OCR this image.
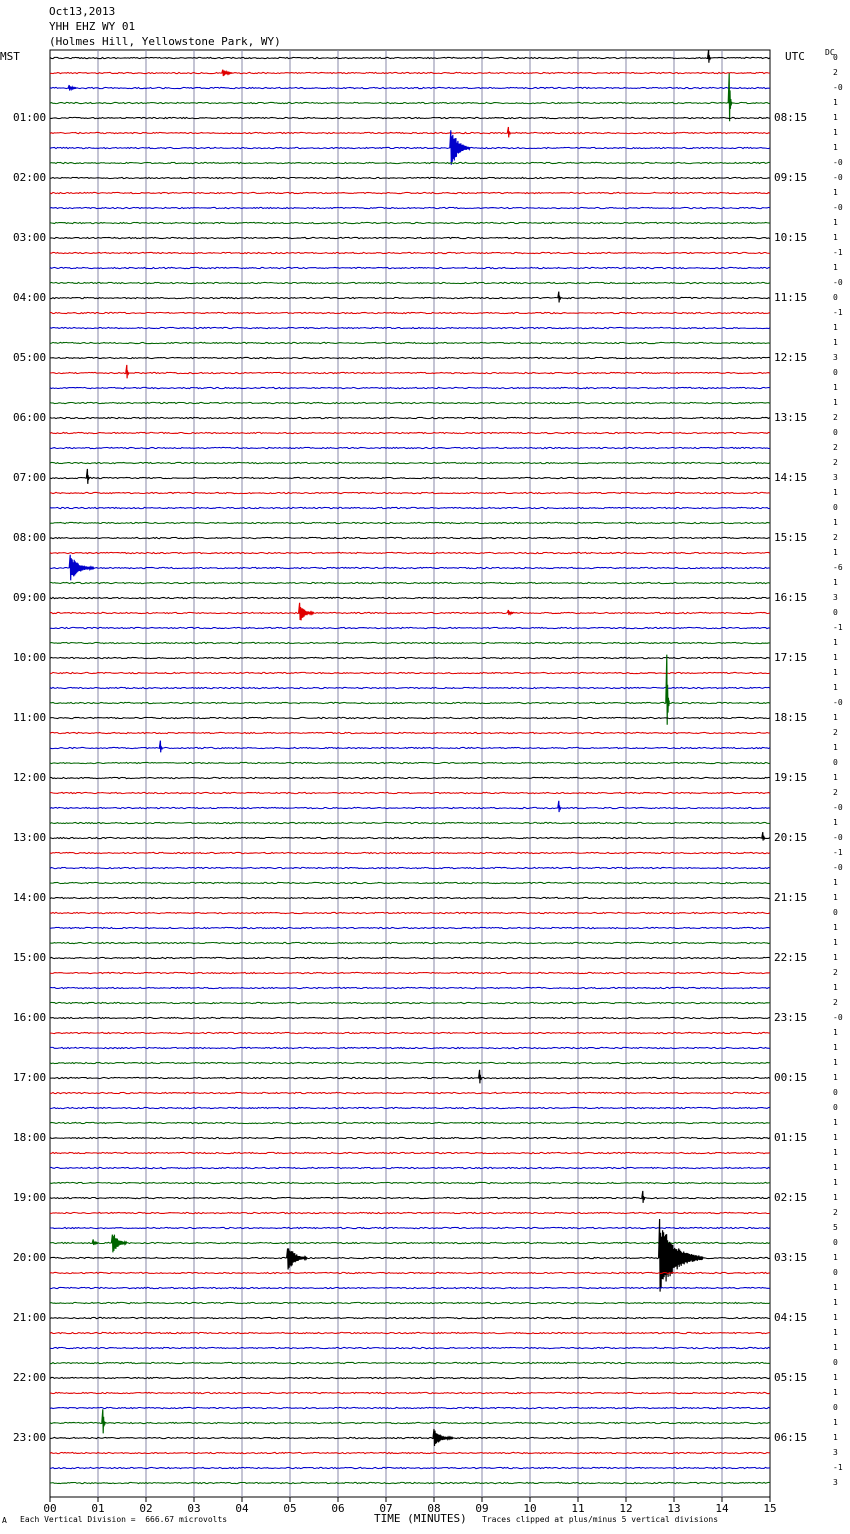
00	01	02	03	04	05	06	07	08	09	10	11	12	13	14	15
Oct13,2013
YHH EHZ WY 01
(Holmes Hill, Yellowstone Park, WY)
MST	UTC	DC
01:00
02:00
03:00
04:00
05:00
06:00
07:00
08:00
09:00
10:00
11:00
12:00
13:00
14:00
15:00
16:00
17:00
18:00
19:00
20:00
21:00
22:00
23:00
08:15
09:15
10:15
11:15
12:15
13:15
14:15
15:15
16:15
17:15
18:15
19:15
20:15
21:15
22:15
23:15
00:15
01:15
02:15
03:15
04:15
05:15
06:15
0
2
-0
1
1
1
1
-0
-0
1
-0
1
1
-1
1
-0
0
-1
1
1
3
0
1
1
2
0
2
2
3
1
0
1
2
1
-6
1
3
0
-1
1
1
1
1
-0
1
2
1
0
1
2
-0
1
-0
-1
-0
1
1
0
1
1
1
2
1
2
-0
1
1
1
1
0
0
1
1
1
1
1
1
2
5
0
1
0
1
1
1
1
1
0
1
1
0
1
1
3
-1
3
A Each Vertical Division =  666.67 microvolts	TIME (MINUTES) Traces clipped at plus/minus 5 vertical divisions
